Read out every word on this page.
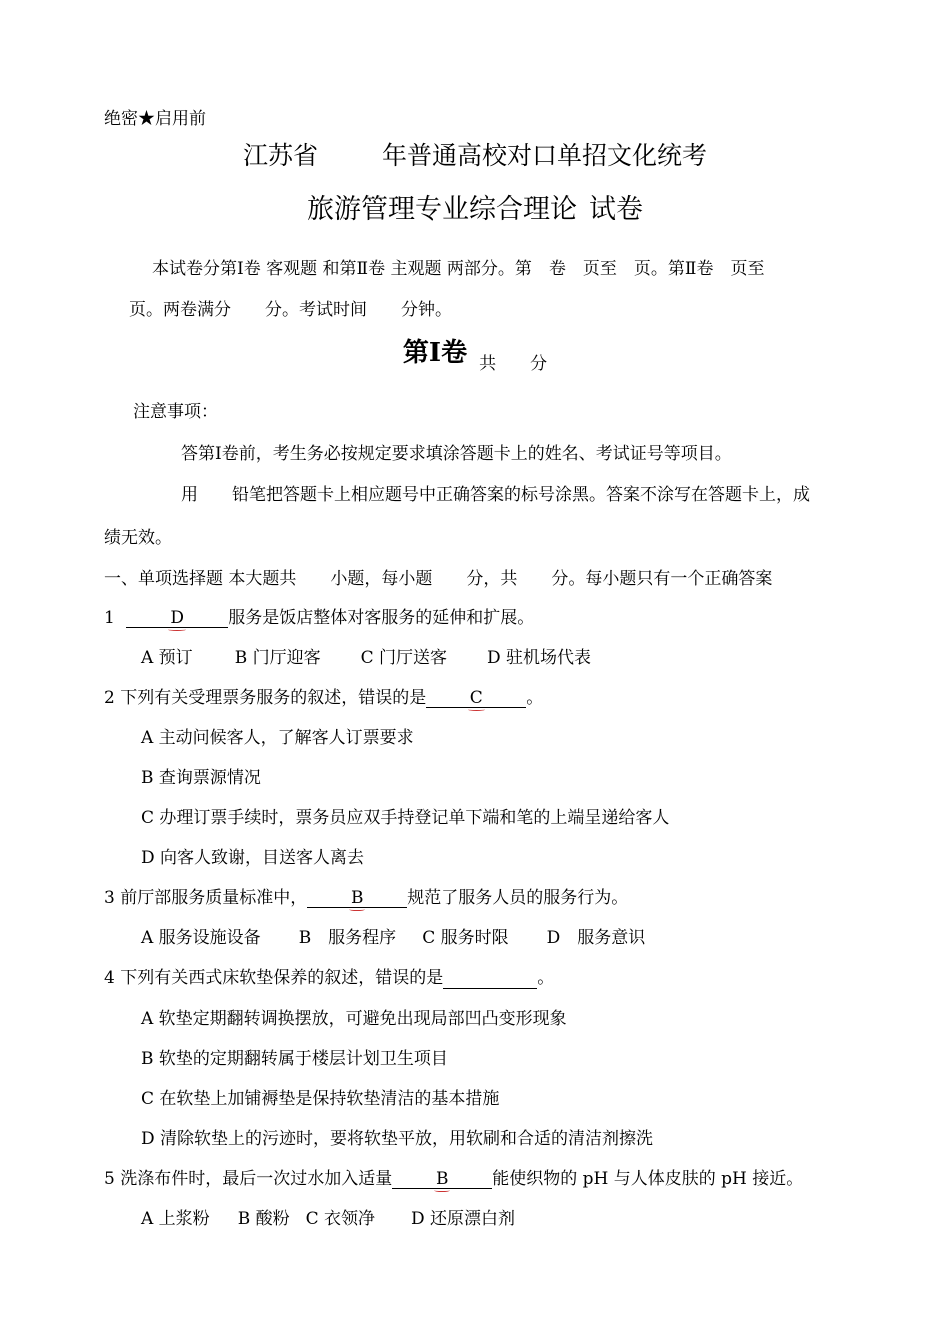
绝密★启用前
江苏省	年普通高校对口单招文化统考
旅游管理专业综合理论 试卷
本试卷分第Ⅰ卷 客观题 和第Ⅱ卷 主观题 两部分。第　卷　页至　页。第Ⅱ卷　页至
页。两卷满分　　分。考试时间　　分钟。
第Ⅰ卷 共　　分
注意事项：
答第Ⅰ卷前，考生务必按规定要求填涂答题卡上的姓名、考试证号等项目。
用　　铅笔把答题卡上相应题号中正确答案的标号涂黑。答案不涂写在答题卡上，成
绩无效。
一、单项选择题 本大题共　　小题，每小题　　分，共　　分。每小题只有一个正确答案
1	D	服务是饭店整体对客服务的延伸和扩展。
A 预订 B 门厅迎客 C 门厅送客 D 驻机场代表
2 下列有关受理票务服务的叙述，错误的是	C	。
A 主动问候客人，了解客人订票要求
B 查询票源情况
C 办理订票手续时，票务员应双手持登记单下端和笔的上端呈递给客人
D 向客人致谢，目送客人离去
3 前厅部服务质量标准中，	B	规范了服务人员的服务行为。
A 服务设施设备 B　服务程序 C 服务时限 D　服务意识
4 下列有关西式床软垫保养的叙述，错误的是	。
A 软垫定期翻转调换摆放，可避免出现局部凹凸变形现象
B 软垫的定期翻转属于楼层计划卫生项目
C 在软垫上加铺褥垫是保持软垫清洁的基本措施
D 清除软垫上的污迹时，要将软垫平放，用软刷和合适的清洁剂擦洗
5 洗涤布件时，最后一次过水加入适量	B	能使织物的 pH 与人体皮肤的 pH 接近。
A 上浆粉 B 酸粉 C 衣领净 D 还原漂白剂
